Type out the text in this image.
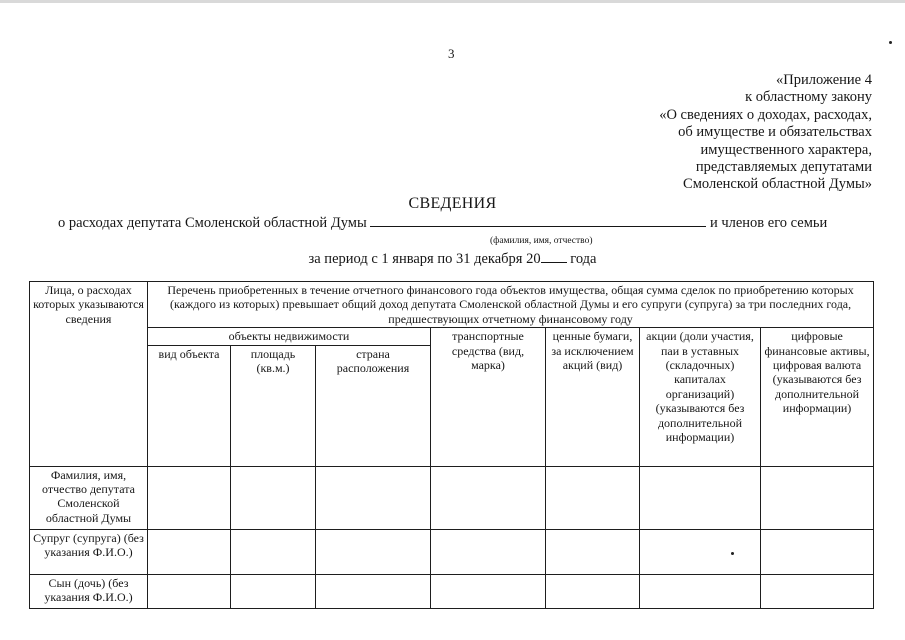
3
«Приложение 4
к областному закону
«О сведениях о доходах, расходах,
об имуществе и обязательствах
имущественного характера,
представляемых депутатами
Смоленской областной Думы»
СВЕДЕНИЯ
о расходах депутата Смоленской областной Думы	и членов его семьи
(фамилия, имя, отчество)
за период с 1 января по 31 декабря 20 года
Лица, о расходах которых указываются сведения	Перечень приобретенных в течение отчетного финансового года объектов имущества, общая сумма сделок по приобретению которых (каждого из которых) превышает общий доход депутата Смоленской областной Думы и его супруги (супруга) за три последних года, предшествующих отчетному финансовому году						
	объекты недвижимости			транспортные средства (вид, марка)	ценные бумаги, за исключением акций (вид)	акции (доли участия, паи в уставных (складочных) капиталах организаций) (указываются без дополнительной информации)	цифровые финансовые активы, цифровая валюта (указываются без дополнительной информации)
	вид объекта	площадь (кв.м.)	страна расположения				
Фамилия, имя, отчество депутата Смоленской областной Думы							
Супруг (супруга) (без указания Ф.И.О.)							
Сын (дочь) (без указания Ф.И.О.)							
